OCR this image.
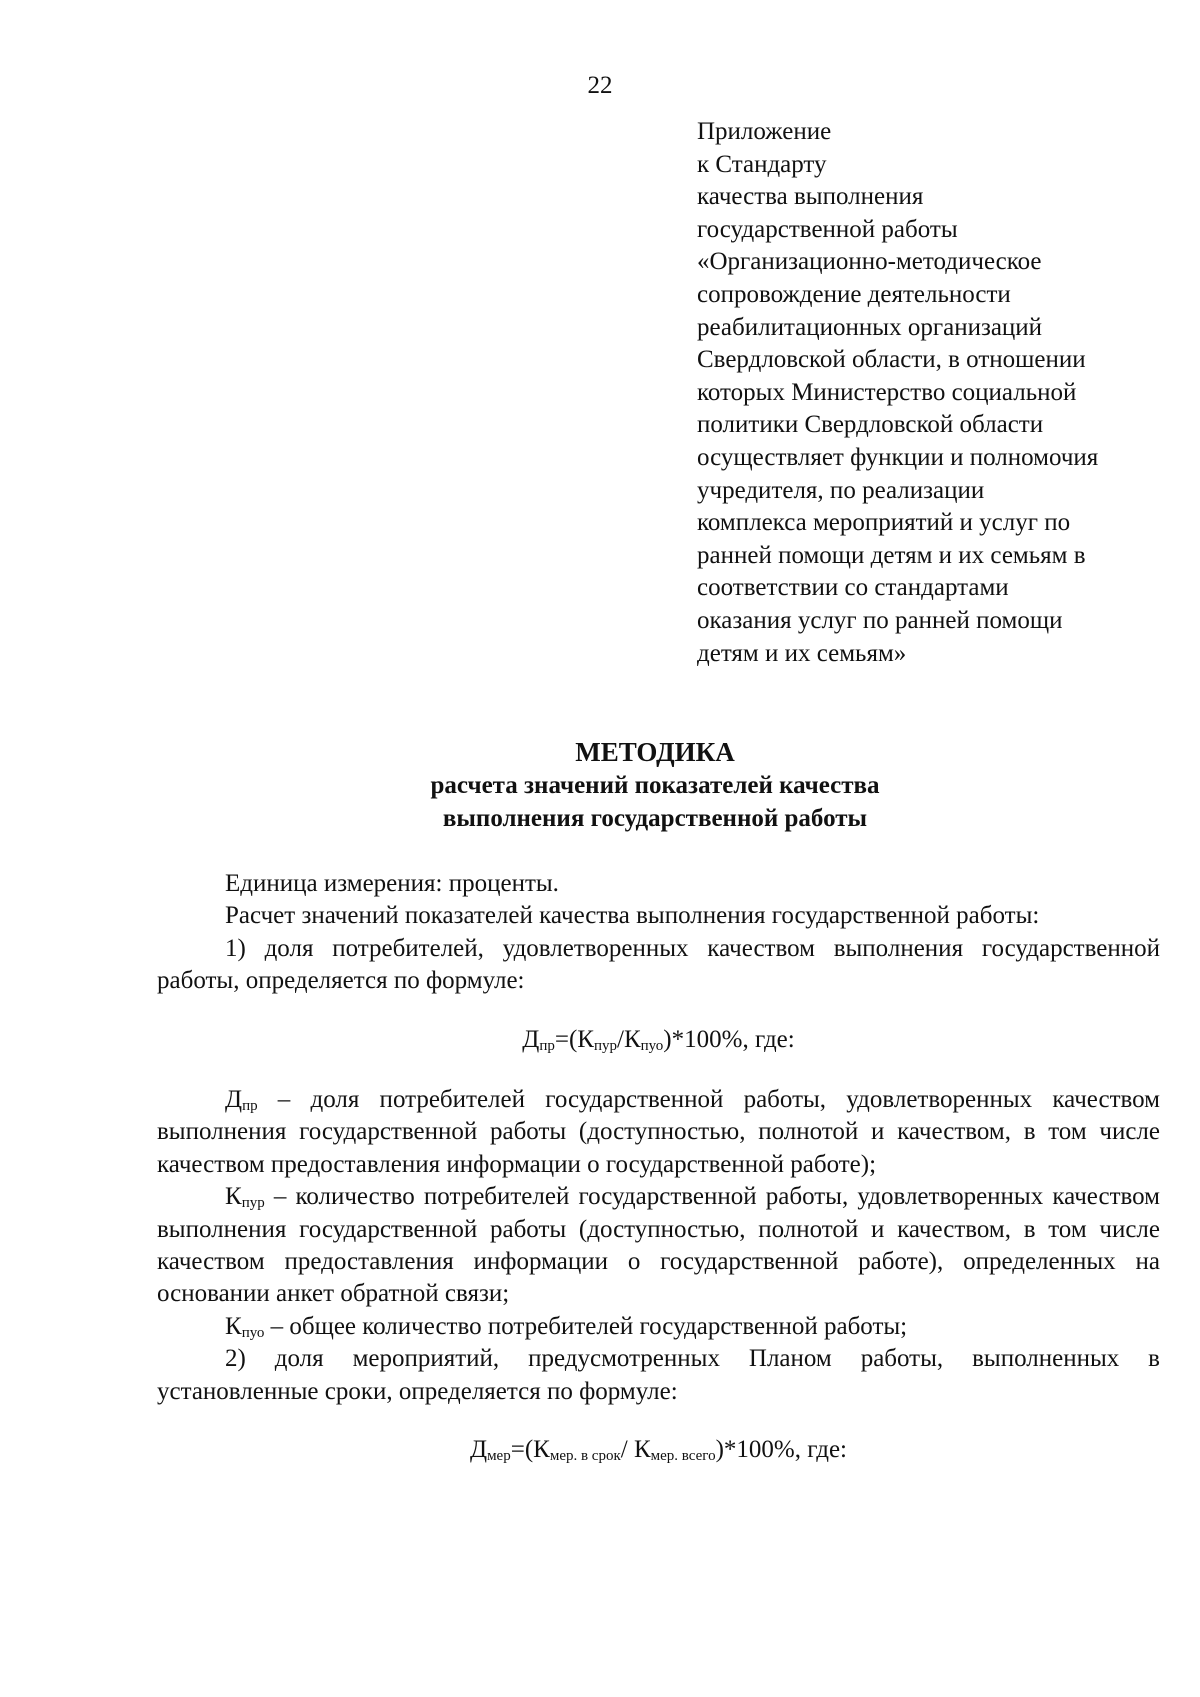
22
Приложение
к Стандарту
качества выполнения
государственной работы
«Организационно-методическое
сопровождение деятельности
реабилитационных организаций
Свердловской области, в отношении
которых Министерство социальной
политики Свердловской области
осуществляет функции и полномочия
учредителя, по реализации
комплекса мероприятий и услуг по
ранней помощи детям и их семьям в
соответствии со стандартами
оказания услуг по ранней помощи
детям и их семьям»
МЕТОДИКА
расчета значений показателей качества
выполнения государственной работы

Единица измерения: проценты.

Расчет значений показателей качества выполнения государственной работы:

1) доля потребителей, удовлетворенных качеством выполнения государственной работы, определяется по формуле:

$Д_{пр}=(К_{пур}/К_{пуо})*100\%$, где:

$Д_{пр}$ – доля потребителей государственной работы, удовлетворенных качеством выполнения государственной работы (доступностью, полнотой и качеством, в том числе качеством предоставления информации о государственной работе);

$К_{пур}$ – количество потребителей государственной работы, удовлетворенных качеством выполнения государственной работы (доступностью, полнотой и качеством, в том числе качеством предоставления информации о государственной работе), определенных на основании анкет обратной связи;

$К_{пуо}$ – общее количество потребителей государственной работы;

2) доля мероприятий, предусмотренных Планом работы, выполненных в установленные сроки, определяется по формуле:

$Д_{мер}=(К_{мер. в срок}/$ $К_{мер. всего})*100\%$, где:
